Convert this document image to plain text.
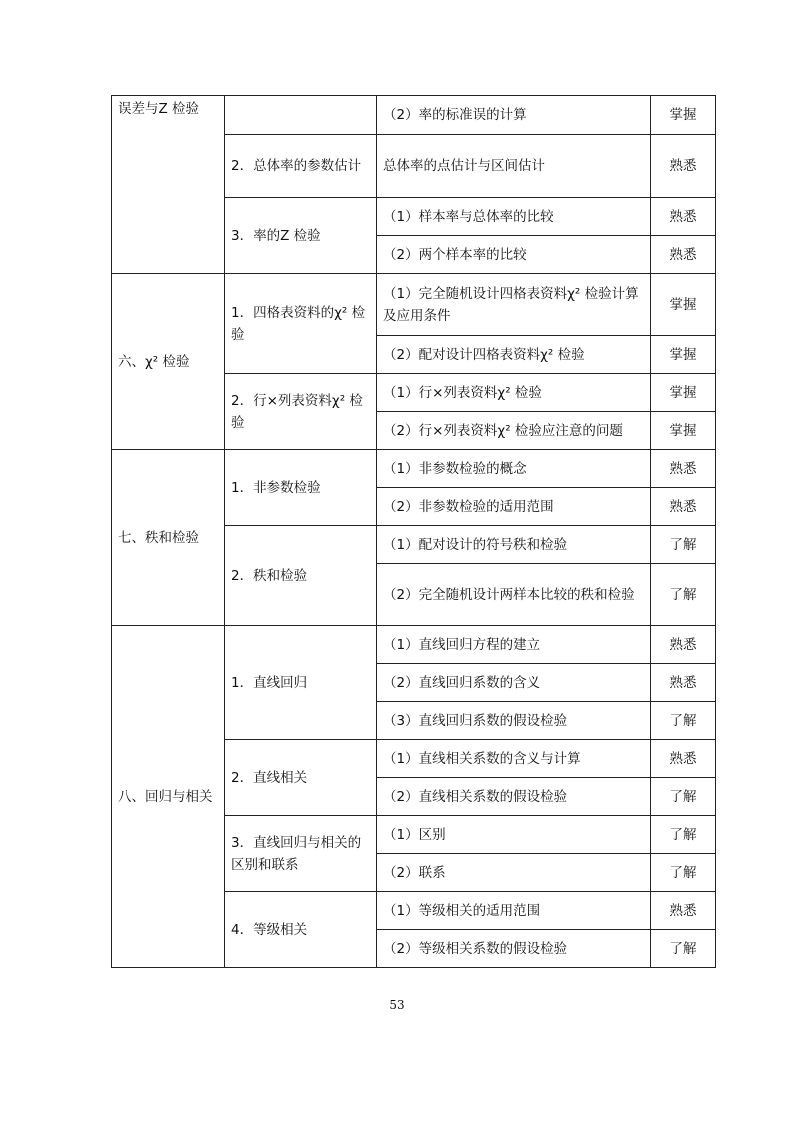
误差与Z 检验		（2）率的标准误的计算	掌握
	2．总体率的参数估计	总体率的点估计与区间估计	熟悉
	3．率的Z 检验	（1）样本率与总体率的比较	熟悉
		（2）两个样本率的比较	熟悉
六、χ² 检验	1．四格表资料的χ² 检验	（1）完全随机设计四格表资料χ² 检验计算及应用条件	掌握
		（2）配对设计四格表资料χ² 检验	掌握
	2．行×列表资料χ² 检验	（1）行×列表资料χ² 检验	掌握
		（2）行×列表资料χ² 检验应注意的问题	掌握
七、秩和检验	1．非参数检验	（1）非参数检验的概念	熟悉
		（2）非参数检验的适用范围	熟悉
	2．秩和检验	（1）配对设计的符号秩和检验	了解
		（2）完全随机设计两样本比较的秩和检验	了解
八、回归与相关	1．直线回归	（1）直线回归方程的建立	熟悉
		（2）直线回归系数的含义	熟悉
		（3）直线回归系数的假设检验	了解
	2．直线相关	（1）直线相关系数的含义与计算	熟悉
		（2）直线相关系数的假设检验	了解
	3．直线回归与相关的区别和联系	（1）区别	了解
		（2）联系	了解
	4．等级相关	（1）等级相关的适用范围	熟悉
		（2）等级相关系数的假设检验	了解
53
